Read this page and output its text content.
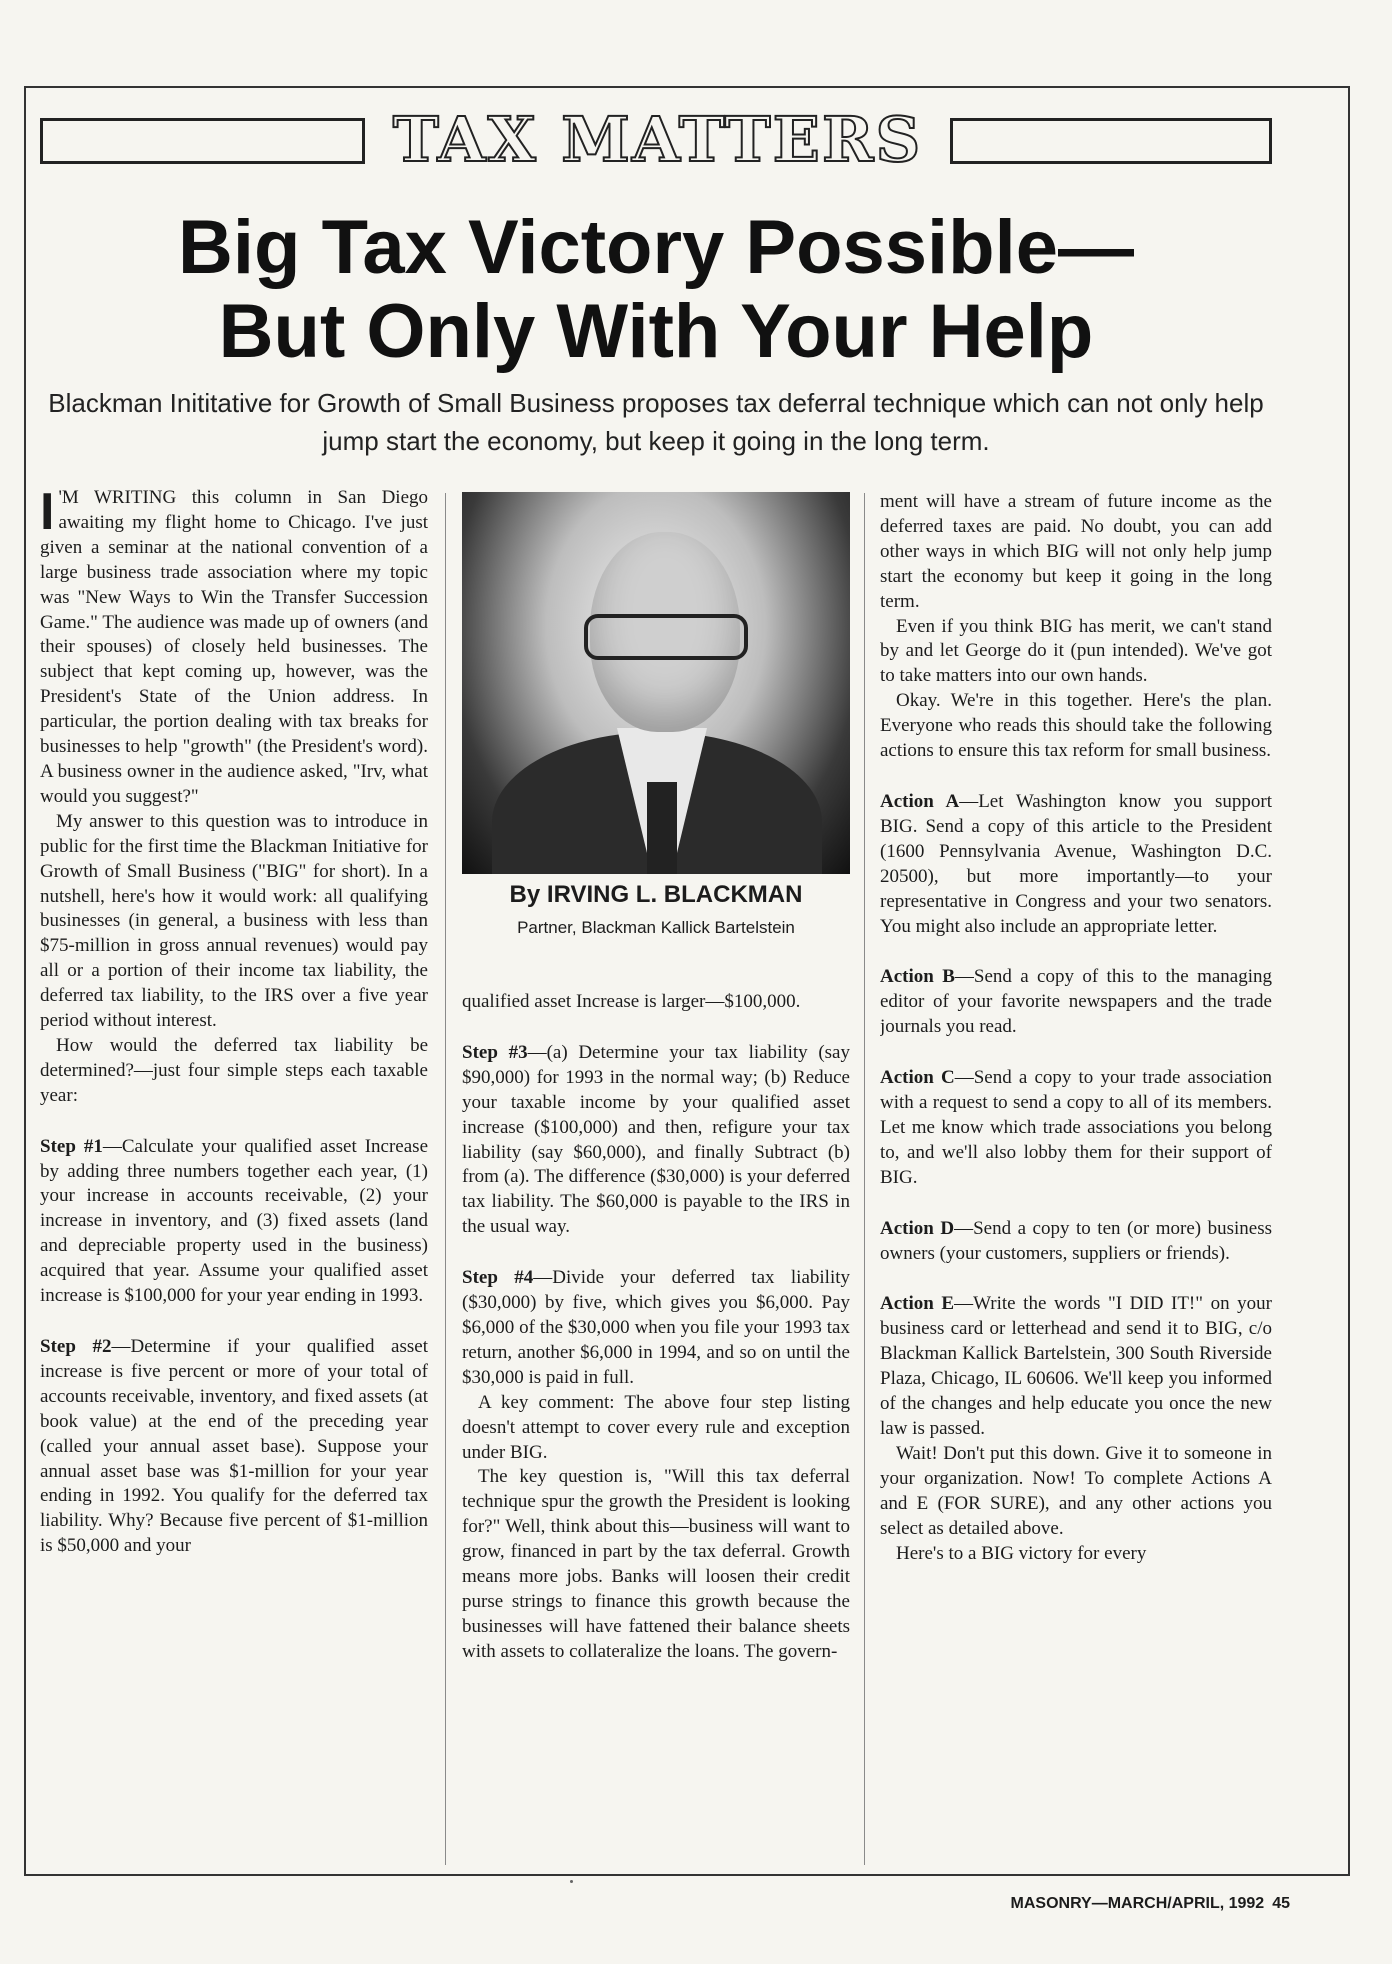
TAX MATTERS
Big Tax Victory Possible—
But Only With Your Help
Blackman Inititative for Growth of Small Business proposes tax deferral technique which can not only help jump start the economy, but keep it going in the long term.

I 'M WRITING this column in San Diego awaiting my flight home to Chicago. I've just given a seminar at the national convention of a large business trade association where my topic was "New Ways to Win the Transfer Succession Game." The audience was made up of owners (and their spouses) of closely held businesses. The subject that kept coming up, however, was the President's State of the Union address. In particular, the portion dealing with tax breaks for businesses to help "growth" (the President's word). A business owner in the audience asked, "Irv, what would you suggest?"

My answer to this question was to introduce in public for the first time the Blackman Initiative for Growth of Small Business ("BIG" for short). In a nutshell, here's how it would work: all qualifying businesses (in general, a business with less than $75-million in gross annual revenues) would pay all or a portion of their income tax liability, the deferred tax liability, to the IRS over a five year period without interest.

How would the deferred tax liability be determined?—just four simple steps each taxable year:

Step #1—Calculate your qualified asset Increase by adding three numbers together each year, (1) your increase in accounts receivable, (2) your increase in inventory, and (3) fixed assets (land and depreciable property used in the business) acquired that year. Assume your qualified asset increase is $100,000 for your year ending in 1993.

Step #2—Determine if your qualified asset increase is five percent or more of your total of accounts receivable, inventory, and fixed assets (at book value) at the end of the preceding year (called your annual asset base). Suppose your annual asset base was $1-million for your year ending in 1992. You qualify for the deferred tax liability. Why? Because five percent of $1-million is $50,000 and your

By IRVING L. BLACKMAN
Partner, Blackman Kallick Bartelstein

qualified asset Increase is larger—$100,000.

Step #3—(a) Determine your tax liability (say $90,000) for 1993 in the normal way; (b) Reduce your taxable income by your qualified asset increase ($100,000) and then, refigure your tax liability (say $60,000), and finally Subtract (b) from (a). The difference ($30,000) is your deferred tax liability. The $60,000 is payable to the IRS in the usual way.

Step #4—Divide your deferred tax liability ($30,000) by five, which gives you $6,000. Pay $6,000 of the $30,000 when you file your 1993 tax return, another $6,000 in 1994, and so on until the $30,000 is paid in full.

A key comment: The above four step listing doesn't attempt to cover every rule and exception under BIG.

The key question is, "Will this tax deferral technique spur the growth the President is looking for?" Well, think about this—business will want to grow, financed in part by the tax deferral. Growth means more jobs. Banks will loosen their credit purse strings to finance this growth because the businesses will have fattened their balance sheets with assets to collateralize the loans. The govern-

ment will have a stream of future income as the deferred taxes are paid. No doubt, you can add other ways in which BIG will not only help jump start the economy but keep it going in the long term.

Even if you think BIG has merit, we can't stand by and let George do it (pun intended). We've got to take matters into our own hands.

Okay. We're in this together. Here's the plan. Everyone who reads this should take the following actions to ensure this tax reform for small business.

Action A—Let Washington know you support BIG. Send a copy of this article to the President (1600 Pennsylvania Avenue, Washington D.C. 20500), but more importantly—to your representative in Congress and your two senators. You might also include an appropriate letter.

Action B—Send a copy of this to the managing editor of your favorite newspapers and the trade journals you read.

Action C—Send a copy to your trade association with a request to send a copy to all of its members. Let me know which trade associations you belong to, and we'll also lobby them for their support of BIG.

Action D—Send a copy to ten (or more) business owners (your customers, suppliers or friends).

Action E—Write the words "I DID IT!" on your business card or letterhead and send it to BIG, c/o Blackman Kallick Bartelstein, 300 South Riverside Plaza, Chicago, IL 60606. We'll keep you informed of the changes and help educate you once the new law is passed.

Wait! Don't put this down. Give it to someone in your organization. Now! To complete Actions A and E (FOR SURE), and any other actions you select as detailed above.

Here's to a BIG victory for every

MASONRY—MARCH/APRIL, 1992 45
